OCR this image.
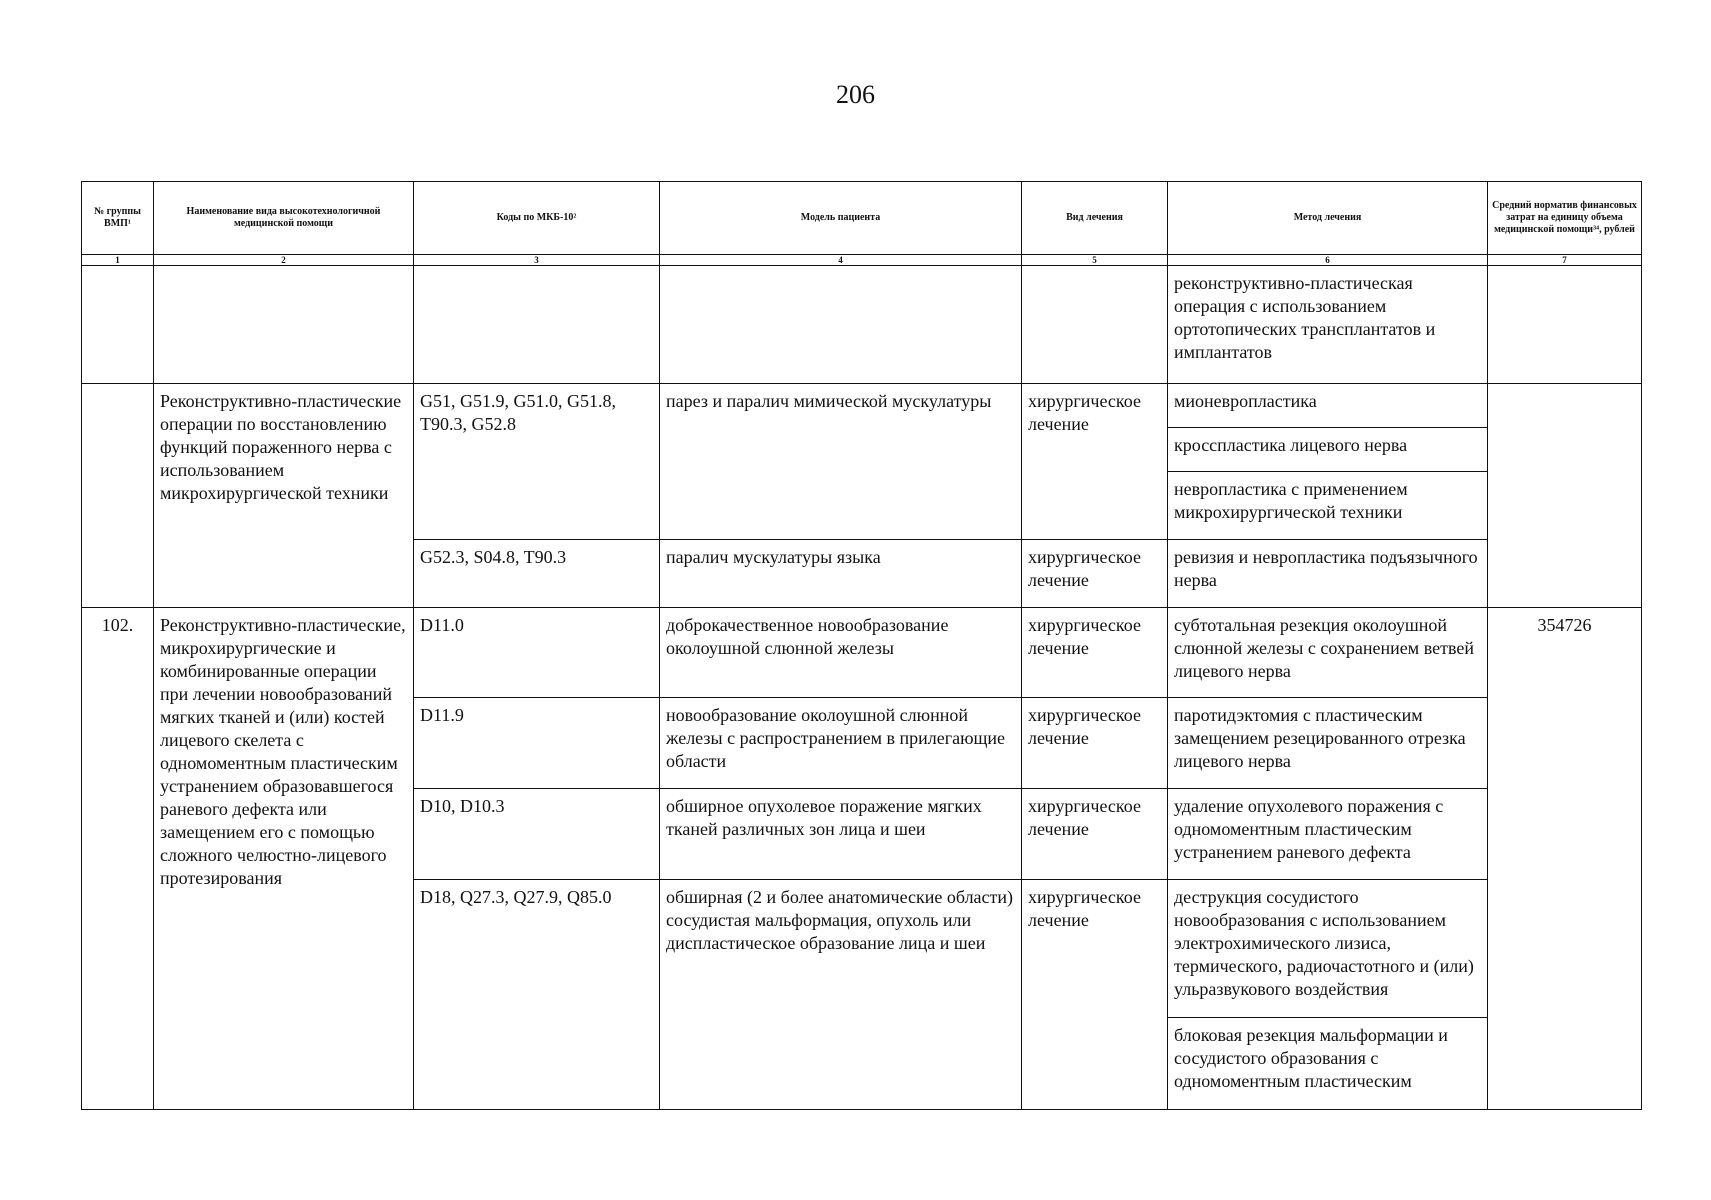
206
№ группы ВМП¹	Наименование вида высокотехнологичной медицинской помощи	Коды по МКБ-10²	Модель пациента	Вид лечения	Метод лечения	Средний норматив финансовых затрат на единицу объема медицинской помощи³⁴, рублей
1	2	3	4	5	6	7
					реконструктивно-пластическая операция с использованием ортотопических трансплантатов и имплантатов	
	Реконструктивно-пластические операции по восстановлению функций пораженного нерва с использованием микрохирургической техники	G51, G51.9, G51.0, G51.8, T90.3, G52.8	парез и паралич мимической мускулатуры	хирургическое лечение	мионевропластика	
					кросспластика лицевого нерва	
					невропластика с применением микрохирургической техники	
		G52.3, S04.8, T90.3	паралич мускулатуры языка	хирургическое лечение	ревизия и невропластика подъязычного нерва	
102.	Реконструктивно-пластические, микрохирургические и комбинированные операции при лечении новообразований мягких тканей и (или) костей лицевого скелета с одномоментным пластическим устранением образовавшегося раневого дефекта или замещением его с помощью сложного челюстно-лицевого протезирования	D11.0	доброкачественное новообразование околоушной слюнной железы	хирургическое лечение	субтотальная резекция околоушной слюнной железы с сохранением ветвей лицевого нерва	354726
		D11.9	новообразование околоушной слюнной железы с распространением в прилегающие области	хирургическое лечение	паротидэктомия с пластическим замещением резецированного отрезка лицевого нерва	
		D10, D10.3	обширное опухолевое поражение мягких тканей различных зон лица и шеи	хирургическое лечение	удаление опухолевого поражения с одномоментным пластическим устранением раневого дефекта	
		D18, Q27.3, Q27.9, Q85.0	обширная (2 и более анатомические области) сосудистая мальформация, опухоль или диспластическое образование лица и шеи	хирургическое лечение	деструкция сосудистого новообразования с использованием электрохимического лизиса, термического, радиочастотного и (или) ульразвукового воздействия	
					блоковая резекция мальформации и сосудистого образования с одномоментным пластическим	
